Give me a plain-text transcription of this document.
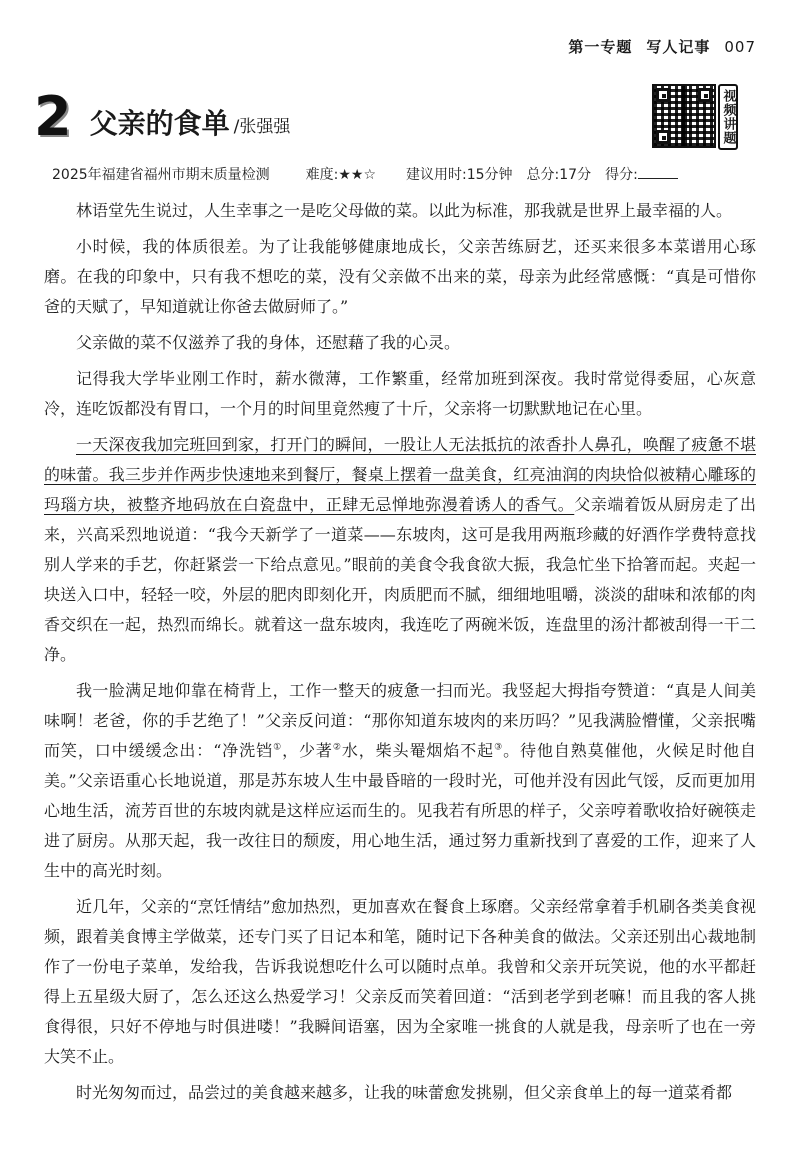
第一专题 写人记事 007
2 父亲的食单 /张强强	视频讲题
2025年福建省福州市期末质量检测	难度:★★☆ 建议用时:15分钟 总分:17分 得分:

林语堂先生说过，人生幸事之一是吃父母做的菜。以此为标准，那我就是世界上最幸福的人。

小时候，我的体质很差。为了让我能够健康地成长，父亲苦练厨艺，还买来很多本菜谱用心琢磨。在我的印象中，只有我不想吃的菜，没有父亲做不出来的菜，母亲为此经常感慨：“真是可惜你爸的天赋了，早知道就让你爸去做厨师了。”

父亲做的菜不仅滋养了我的身体，还慰藉了我的心灵。

记得我大学毕业刚工作时，薪水微薄，工作繁重，经常加班到深夜。我时常觉得委屈，心灰意冷，连吃饭都没有胃口，一个月的时间里竟然瘦了十斤，父亲将一切默默地记在心里。

一天深夜我加完班回到家，打开门的瞬间，一股让人无法抵抗的浓香扑人鼻孔，唤醒了疲惫不堪的味蕾。我三步并作两步快速地来到餐厅，餐桌上摆着一盘美食，红亮油润的肉块恰似被精心雕琢的玛瑙方块，被整齐地码放在白瓷盘中，正肆无忌惮地弥漫着诱人的香气。父亲端着饭从厨房走了出来，兴高采烈地说道：“我今天新学了一道菜——东坡肉，这可是我用两瓶珍藏的好酒作学费特意找别人学来的手艺，你赶紧尝一下给点意见。”眼前的美食令我食欲大振，我急忙坐下拾箸而起。夹起一块送入口中，轻轻一咬，外层的肥肉即刻化开，肉质肥而不腻，细细地咀嚼，淡淡的甜味和浓郁的肉香交织在一起，热烈而绵长。就着这一盘东坡肉，我连吃了两碗米饭，连盘里的汤汁都被刮得一干二净。

我一脸满足地仰靠在椅背上，工作一整天的疲惫一扫而光。我竖起大拇指夸赞道：“真是人间美味啊！老爸，你的手艺绝了！”父亲反问道：“那你知道东坡肉的来历吗？”见我满脸懵懂，父亲抿嘴而笑，口中缓缓念出：“净洗铛①，少著②水，柴头罨烟焰不起③。待他自熟莫催他，火候足时他自美。”父亲语重心长地说道，那是苏东坡人生中最昏暗的一段时光，可他并没有因此气馁，反而更加用心地生活，流芳百世的东坡肉就是这样应运而生的。见我若有所思的样子，父亲哼着歌收拾好碗筷走进了厨房。从那天起，我一改往日的颓废，用心地生活，通过努力重新找到了喜爱的工作，迎来了人生中的高光时刻。

近几年，父亲的“烹饪情结”愈加热烈，更加喜欢在餐食上琢磨。父亲经常拿着手机刷各类美食视频，跟着美食博主学做菜，还专门买了日记本和笔，随时记下各种美食的做法。父亲还别出心裁地制作了一份电子菜单，发给我，告诉我说想吃什么可以随时点单。我曾和父亲开玩笑说，他的水平都赶得上五星级大厨了，怎么还这么热爱学习！父亲反而笑着回道：“活到老学到老嘛！而且我的客人挑食得很，只好不停地与时俱进喽！”我瞬间语塞，因为全家唯一挑食的人就是我，母亲听了也在一旁大笑不止。

时光匆匆而过，品尝过的美食越来越多，让我的味蕾愈发挑剔，但父亲食单上的每一道菜肴都
